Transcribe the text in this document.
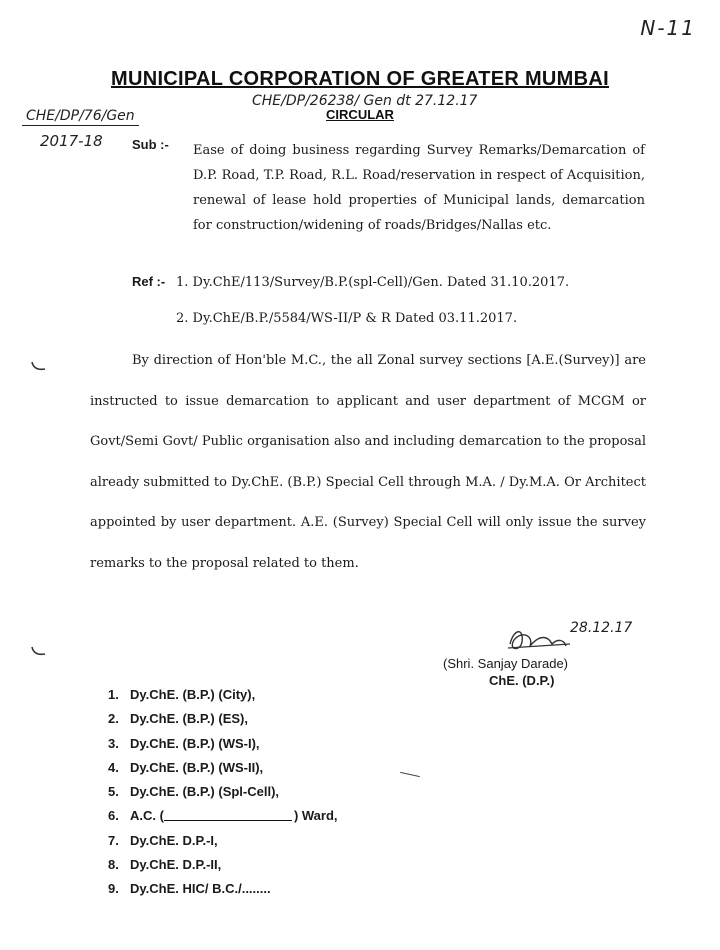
N-11
MUNICIPAL CORPORATION OF GREATER MUMBAI
CHE/DP/26238/ Gen dt 27.12.17
CIRCULAR
CHE/DP/76/Gen
2017-18 Sub :- Ease of doing business regarding Survey Remarks/Demarcation of D.P. Road, T.P. Road, R.L. Road/reservation in respect of Acquisition, renewal of lease hold properties of Municipal lands, demarcation for construction/widening of roads/Bridges/Nallas etc.
Ref :- 1. Dy.ChE/113/Survey/B.P.(spl-Cell)/Gen. Dated 31.10.2017.
2. Dy.ChE/B.P./5584/WS-II/P & R Dated 03.11.2017.
By direction of Hon'ble M.C., the all Zonal survey sections [A.E.(Survey)] are instructed to issue demarcation to applicant and user department of MCGM or Govt/Semi Govt/ Public organisation also and including demarcation to the proposal already submitted to Dy.ChE. (B.P.) Special Cell through M.A. / Dy.M.A. Or Architect appointed by user department. A.E. (Survey) Special Cell will only issue the survey remarks to the proposal related to them.
28.12.17
(Shri. Sanjay Darade)
ChE. (D.P.)
1. Dy.ChE. (B.P.) (City),
2. Dy.ChE. (B.P.) (ES),
3. Dy.ChE. (B.P.) (WS-I),
4. Dy.ChE. (B.P.) (WS-II),
5. Dy.ChE. (B.P.) (Spl-Cell),
6. A.C. (	) Ward,
7. Dy.ChE. D.P.-I,
8. Dy.ChE. D.P.-II,
9. Dy.ChE. HIC/ B.C./........
